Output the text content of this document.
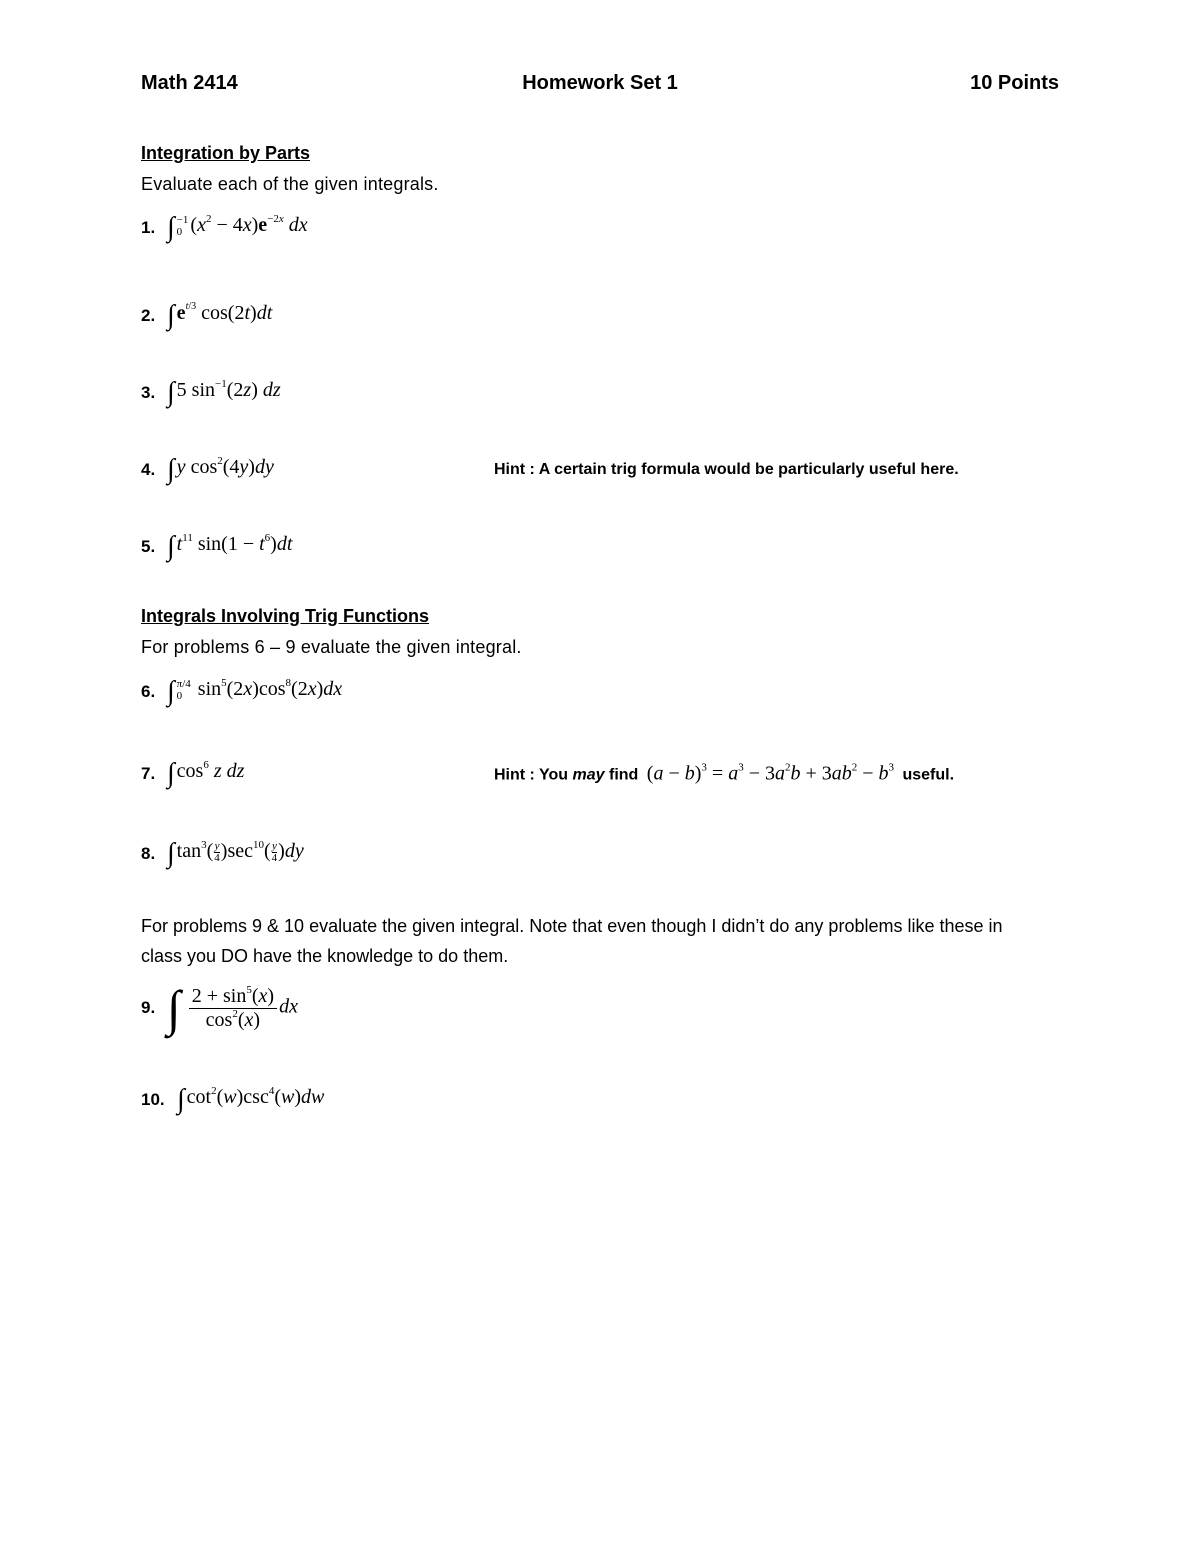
Math 2414	Homework Set 1	10 Points
Integration by Parts
Evaluate each of the given integrals.
1. ∫ −1
0 $(x^2 - 4x)e^{-2x}$ dx
2. ∫ $e^{t/3}$ cos(2t)dt
3. ∫ 5 $\sin^{-1}(2z)$ dz
4. ∫ y $\cos^2(4y)dy$	Hint : A certain trig formula would be particularly useful here.
5. ∫ $t^{11}$ $\sin(1 - t^6)dt$
Integrals Involving Trig Functions
For problems 6 – 9 evaluate the given integral.
6. ∫ π/4
0 $\sin^5(2x)\cos^8(2x)dx$
7. ∫ $\cos^6 z$ dz	Hint : You may find $(a - b)^3 = a^3 - 3a^2b + 3ab^2 - b^3$ useful.
8. ∫ $\tan^3( \frac{y}{4} )\sec^{10}( \frac{y}{4} )dy$
For problems 9 & 10 evaluate the given integral. Note that even though I didn’t do any problems like these in class you DO have the knowledge to do them.
9. ∫ $\frac{2 + \sin^5(x)}{\cos^2(x)}$ dx
10. ∫ $\cot^2(w)\csc^4(w)dw$
